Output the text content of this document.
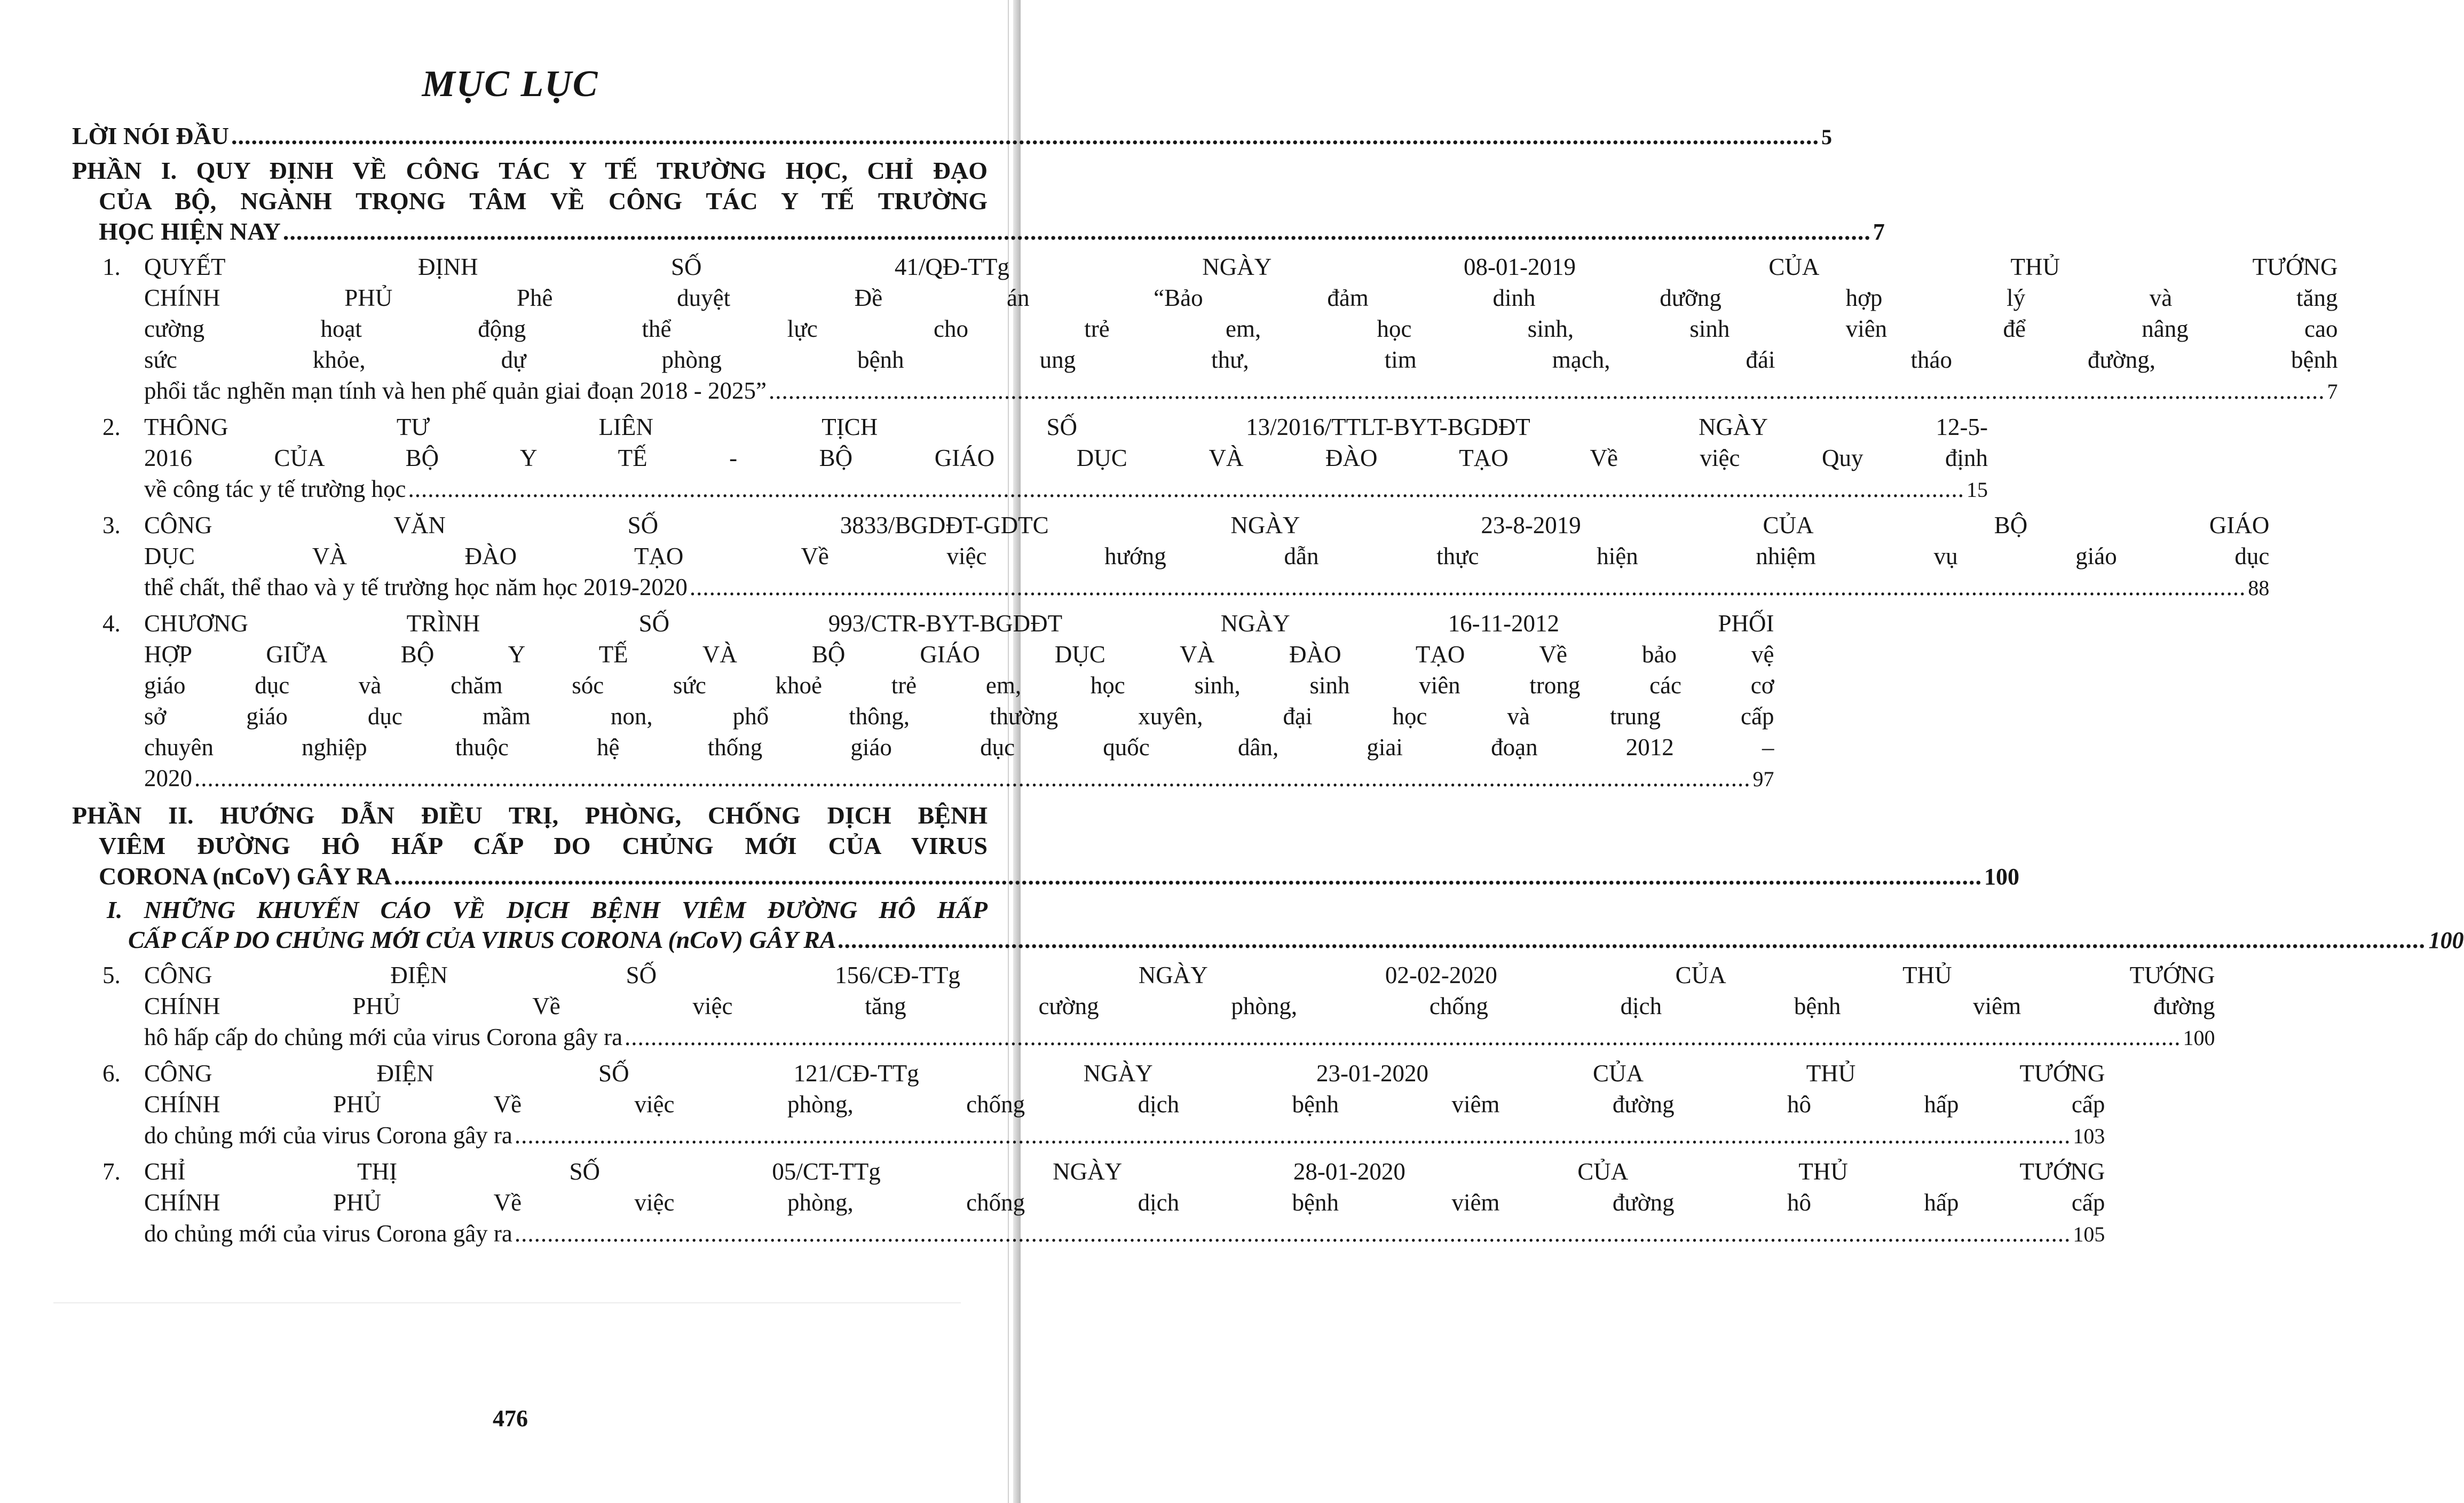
MỤC LỤC
LỜI NÓI ĐẦU .....	5
PHẦN I. QUY ĐỊNH VỀ CÔNG TÁC Y TẾ TRƯỜNG HỌC, CHỈ ĐẠO
CỦA BỘ, NGÀNH TRỌNG TÂM VỀ CÔNG TÁC Y TẾ TRƯỜNG
HỌC HIỆN NAY .....	7
1. QUYẾT ĐỊNH SỐ 41/QĐ-TTg NGÀY 08-01-2019 CỦA THỦ TƯỚNG
CHÍNH PHỦ Phê duyệt Đề án “Bảo đảm dinh dưỡng hợp lý và tăng
cường hoạt động thể lực cho trẻ em, học sinh, sinh viên để nâng cao
sức khỏe, dự phòng bệnh ung thư, tim mạch, đái tháo đường, bệnh
phổi tắc nghẽn mạn tính và hen phế quản giai đoạn 2018 - 2025” .....	7
2. THÔNG TƯ LIÊN TỊCH SỐ 13/2016/TTLT-BYT-BGDĐT NGÀY 12-5-
2016 CỦA BỘ Y TẾ - BỘ GIÁO DỤC VÀ ĐÀO TẠO Về việc Quy định
về công tác y tế trường học .....	15
3. CÔNG VĂN SỐ 3833/BGDĐT-GDTC NGÀY 23-8-2019 CỦA BỘ GIÁO
DỤC VÀ ĐÀO TẠO Về việc hướng dẫn thực hiện nhiệm vụ giáo dục
thể chất, thể thao và y tế trường học năm học 2019-2020 .....	88
4. CHƯƠNG TRÌNH SỐ 993/CTR-BYT-BGDĐT NGÀY 16-11-2012 PHỐI
HỢP GIỮA BỘ Y TẾ VÀ BỘ GIÁO DỤC VÀ ĐÀO TẠO Về bảo vệ
giáo dục và chăm sóc sức khoẻ trẻ em, học sinh, sinh viên trong các cơ
sở giáo dục mầm non, phổ thông, thường xuyên, đại học và trung cấp
chuyên nghiệp thuộc hệ thống giáo dục quốc dân, giai đoạn 2012 –
2020 .....	97
PHẦN II. HƯỚNG DẪN ĐIỀU TRỊ, PHÒNG, CHỐNG DỊCH BỆNH
VIÊM ĐƯỜNG HÔ HẤP CẤP DO CHỦNG MỚI CỦA VIRUS
CORONA (nCoV) GÂY RA .....	100
I. NHỮNG KHUYẾN CÁO VỀ DỊCH BỆNH VIÊM ĐƯỜNG HÔ HẤP
CẤP CẤP DO CHỦNG MỚI CỦA VIRUS CORONA (nCoV) GÂY RA .....	100
5. CÔNG ĐIỆN SỐ 156/CĐ-TTg NGÀY 02-02-2020 CỦA THỦ TƯỚNG
CHÍNH PHỦ Về việc tăng cường phòng, chống dịch bệnh viêm đường
hô hấp cấp do chủng mới của virus Corona gây ra .....	100
6. CÔNG ĐIỆN SỐ 121/CĐ-TTg NGÀY 23-01-2020 CỦA THỦ TƯỚNG
CHÍNH PHỦ Về việc phòng, chống dịch bệnh viêm đường hô hấp cấp
do chủng mới của virus Corona gây ra .....	103
7. CHỈ THỊ SỐ 05/CT-TTg NGÀY 28-01-2020 CỦA THỦ TƯỚNG
CHÍNH PHỦ Về việc phòng, chống dịch bệnh viêm đường hô hấp cấp
do chủng mới của virus Corona gây ra .....	105
476
